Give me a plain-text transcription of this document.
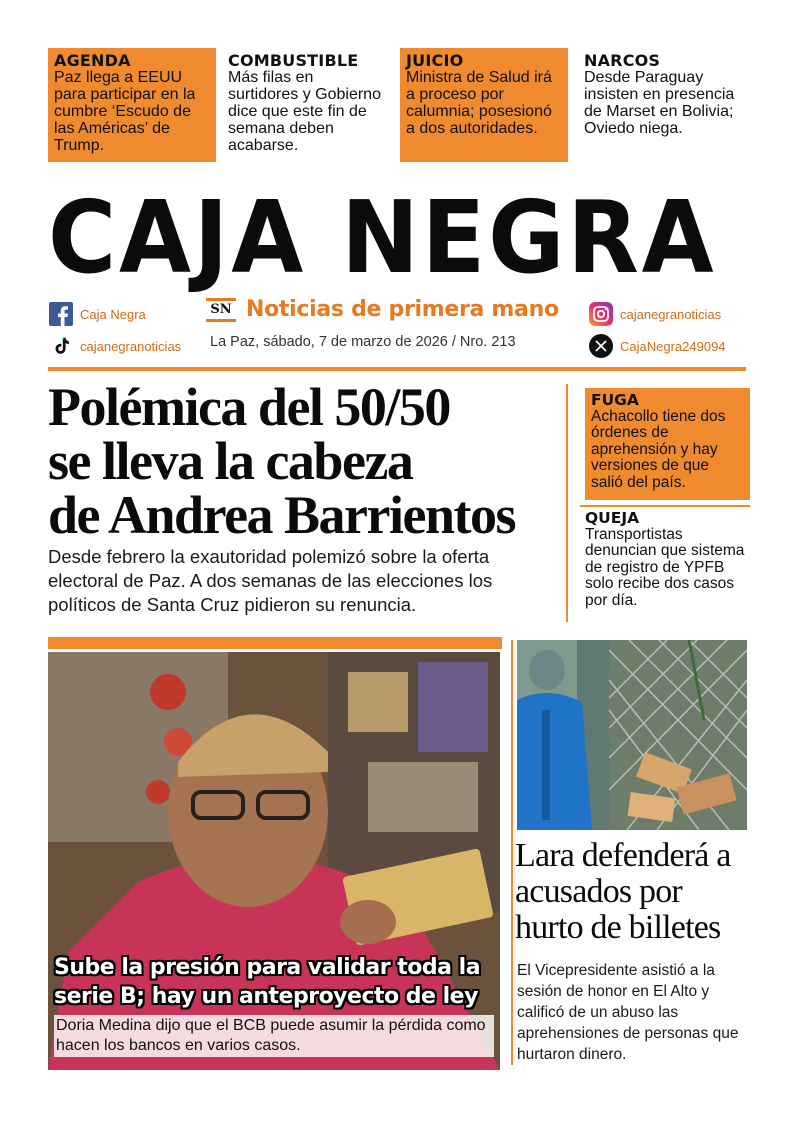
AGENDA
Paz llega a EEUU para participar en la cumbre ‘Escudo de las Américas’ de Trump.
COMBUSTIBLE
Más filas en surtidores y Gobierno dice que este fin de semana deben acabarse.
JUICIO
Ministra de Salud irá a proceso por calumnia; posesionó a dos autoridades.
NARCOS
Desde Paraguay insisten en presencia de Marset en Bolivia; Oviedo niega.
CAJA NEGRA
Caja Negra
cajanegranoticias
SN Noticias de primera mano
La Paz, sábado, 7 de marzo de 2026 / Nro. 213
cajanegranoticias
CajaNegra249094
Polémica del 50/50
se lleva la cabeza
de Andrea Barrientos
Desde febrero la exautoridad polemizó sobre la oferta electoral de Paz. A dos semanas de las elecciones los políticos de Santa Cruz pidieron su renuncia.
FUGA
Achacollo tiene dos órdenes de aprehensión y hay versiones de que salió del país.
QUEJA
Transportistas denuncian que sistema de registro de YPFB solo recibe dos casos por día.
Sube la presión para validar toda la serie B; hay un anteproyecto de ley
Doria Medina dijo que el BCB puede asumir la pérdida como hacen los bancos en varios casos.
Lara defenderá a acusados por hurto de billetes
El Vicepresidente asistió a la sesión de honor en El Alto y calificó de un abuso las aprehensiones de personas que hurtaron dinero.
